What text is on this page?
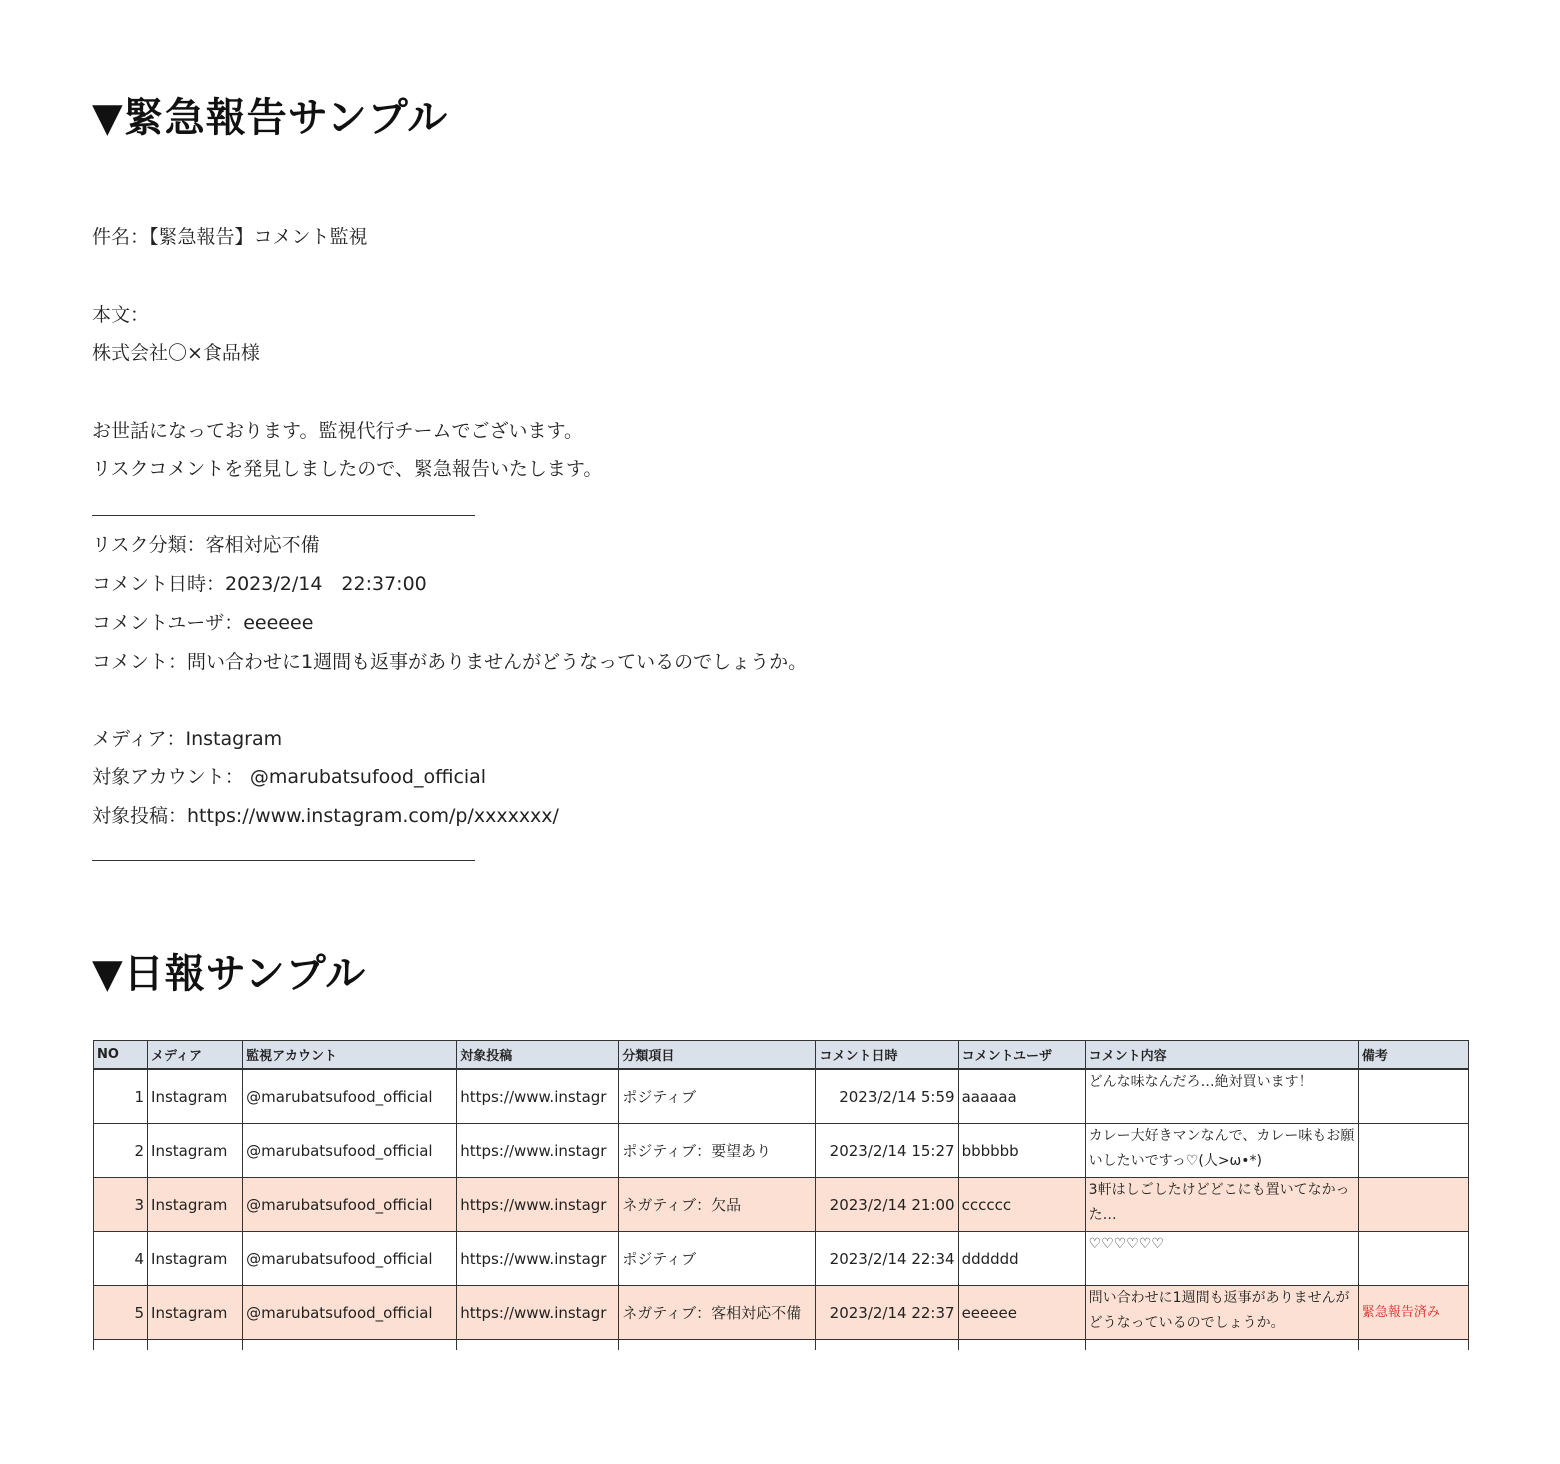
▼緊急報告サンプル
件名：【緊急報告】コメント監視
本文：
株式会社〇×食品様
お世話になっております。監視代行チームでございます。
リスクコメントを発見しましたので、緊急報告いたします。
リスク分類：客相対応不備
コメント日時：2023/2/14　22:37:00
コメントユーザ：eeeeee
コメント：問い合わせに1週間も返事がありませんがどうなっているのでしょうか。
メディア：Instagram
対象アカウント： @marubatsufood_official
対象投稿：https://www.instagram.com/p/xxxxxxx/
▼日報サンプル
NO	メディア	監視アカウント	対象投稿	分類項目	コメント日時	コメントユーザ	コメント内容	備考
1	Instagram	@marubatsufood_official	https://www.instagr	ポジティブ	2023/2/14 5:59	aaaaaa	どんな味なんだろ…絶対買います！	
2	Instagram	@marubatsufood_official	https://www.instagr	ポジティブ：要望あり	2023/2/14 15:27	bbbbbb	カレー大好きマンなんで、カレー味もお願いしたいですっ♡(人>ω•*)	
3	Instagram	@marubatsufood_official	https://www.instagr	ネガティブ：欠品	2023/2/14 21:00	cccccc	3軒はしごしたけどどこにも置いてなかった…	
4	Instagram	@marubatsufood_official	https://www.instagr	ポジティブ	2023/2/14 22:34	dddddd	♡♡♡♡♡♡	
5	Instagram	@marubatsufood_official	https://www.instagr	ネガティブ：客相対応不備	2023/2/14 22:37	eeeeee	問い合わせに1週間も返事がありませんがどうなっているのでしょうか。	緊急報告済み
